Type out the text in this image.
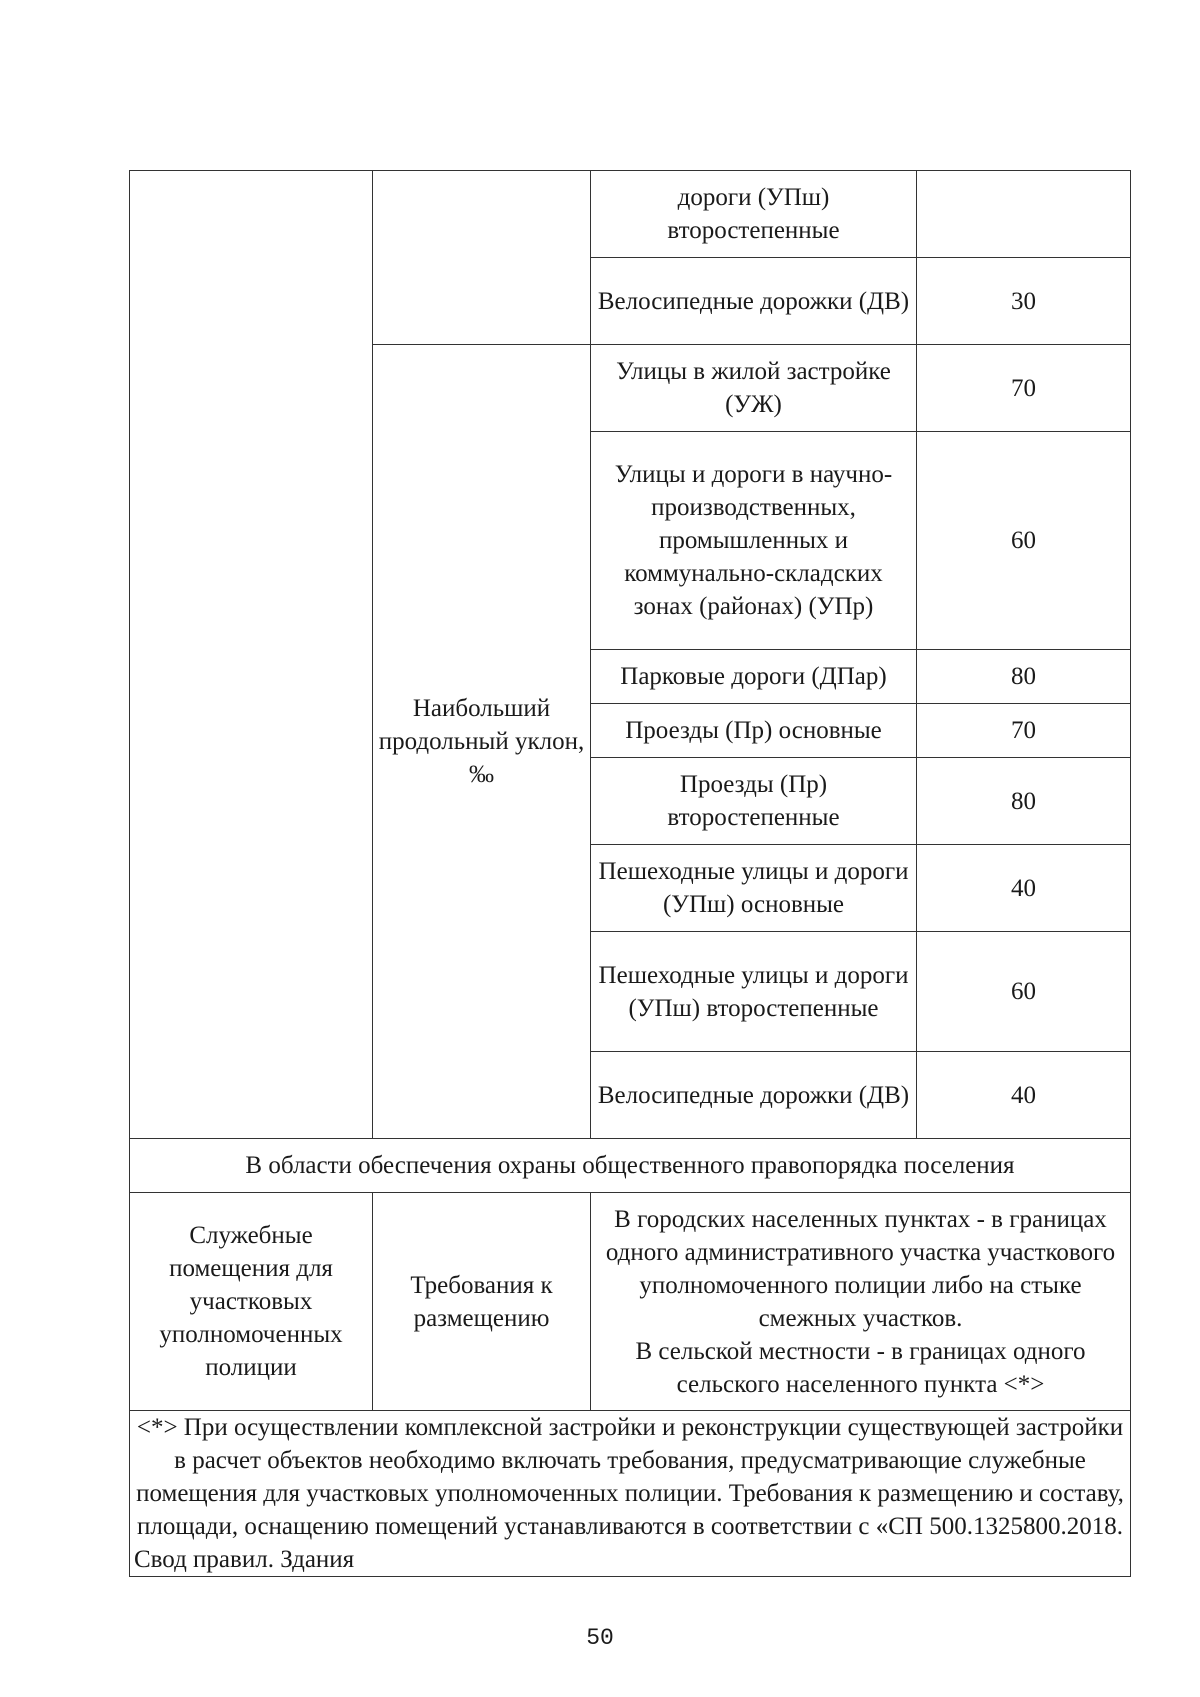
		дороги (УПш) второстепенные	
		Велосипедные дорожки (ДВ)	30
	Наибольший продольный уклон, ‰	Улицы в жилой застройке (УЖ)	70
		Улицы и дороги в научно-производственных, промышленных и коммунально-складских зонах (районах) (УПр)	60
		Парковые дороги (ДПар)	80
		Проезды (Пр) основные	70
		Проезды (Пр) второстепенные	80
		Пешеходные улицы и дороги (УПш) основные	40
		Пешеходные улицы и дороги (УПш) второстепенные	60
		Велосипедные дорожки (ДВ)	40
В области обеспечения охраны общественного правопорядка поселения			
Служебные помещения для участковых уполномоченных полиции	Требования к размещению	В городских населенных пунктах - в границах одного административного участка участкового уполномоченного полиции либо на стыке смежных участков.
В сельской местности - в границах одного сельского населенного пункта <*>	

<*> При осуществлении комплексной застройки и реконструкции существующей застройки в расчет объектов необходимо включать требования, предусматривающие служебные помещения для участковых уполномоченных полиции. Требования к размещению и составу, площади, оснащению помещений устанавливаются в соответствии с «СП 500.1325800.2018. Свод правил. Здания			
50
